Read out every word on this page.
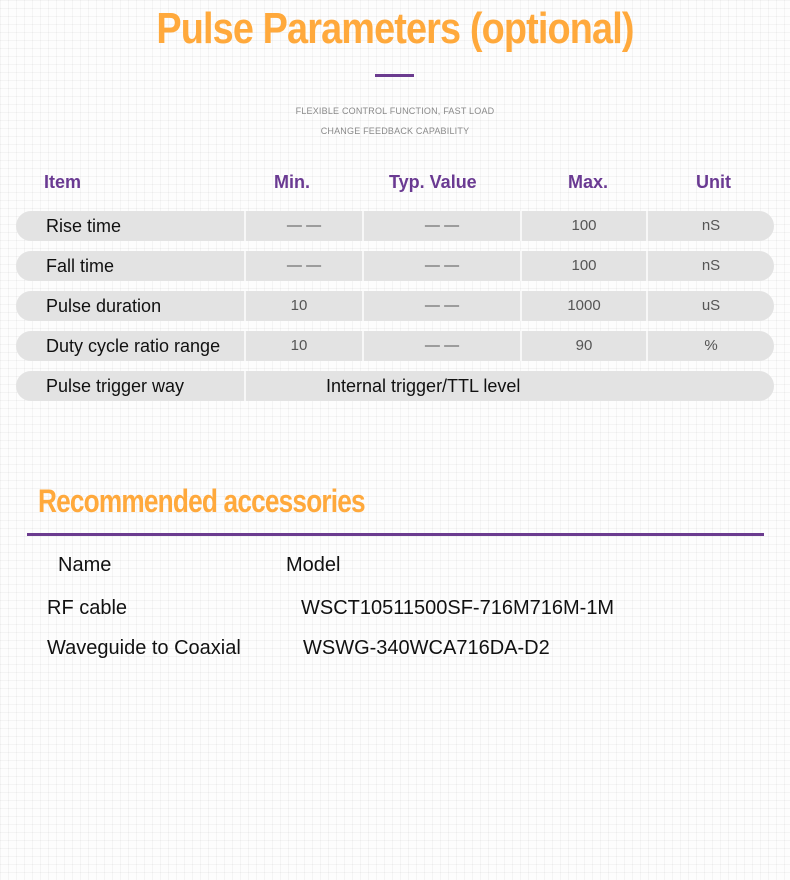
Pulse Parameters (optional)
FLEXIBLE CONTROL FUNCTION, FAST LOAD
CHANGE FEEDBACK CAPABILITY
Item	Min.	Typ. Value	Max.	Unit
Rise time	— —	— —	100	nS
Fall time	— —	— —	100	nS
Pulse duration	10	— —	1000	uS
Duty cycle ratio range	10	— —	90	%
Pulse trigger way	Internal trigger/TTL level
Recommended accessories
Name	Model
RF cable	WSCT10511500SF-716M716M-1M
Waveguide to Coaxial	WSWG-340WCA716DA-D2
